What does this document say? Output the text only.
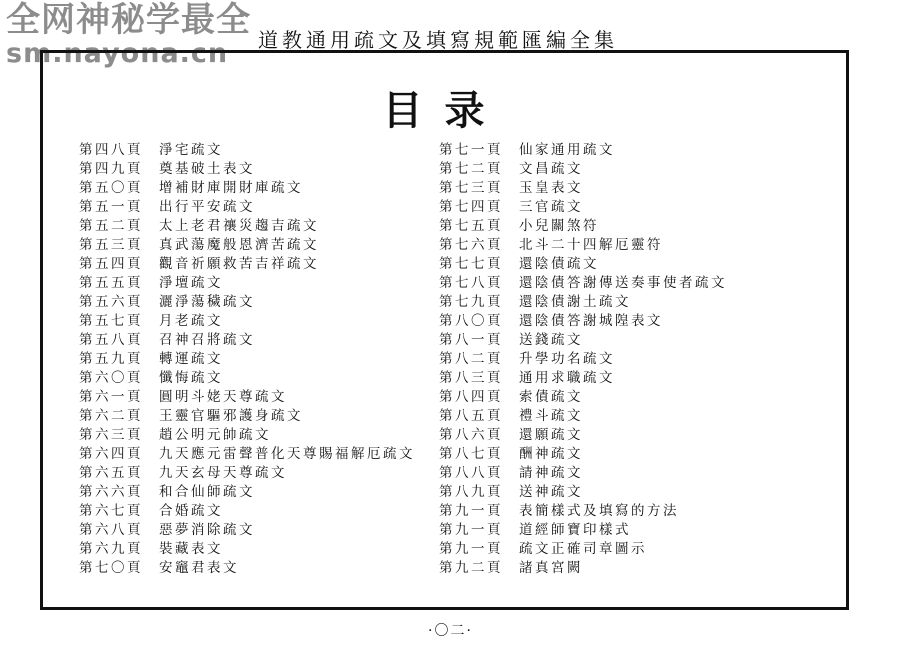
全网神秘学最全
sm.nayona.cn	道教通用疏文及填寫規範匯編全集
目录
第四八頁	淨宅疏文
第四九頁	奠基破土表文
第五〇頁	增補財庫開財庫疏文
第五一頁	出行平安疏文
第五二頁	太上老君禳災趨吉疏文
第五三頁	真武蕩魔般恩濟苦疏文
第五四頁	觀音祈願救苦吉祥疏文
第五五頁	淨壇疏文
第五六頁	灑淨蕩穢疏文
第五七頁	月老疏文
第五八頁	召神召將疏文
第五九頁	轉運疏文
第六〇頁	懺悔疏文
第六一頁	圓明斗姥天尊疏文
第六二頁	王靈官驅邪護身疏文
第六三頁	趙公明元帥疏文
第六四頁	九天應元雷聲普化天尊賜福解厄疏文
第六五頁	九天玄母天尊疏文
第六六頁	和合仙師疏文
第六七頁	合婚疏文
第六八頁	惡夢消除疏文
第六九頁	裝藏表文
第七〇頁	安竈君表文
第七一頁	仙家通用疏文
第七二頁	文昌疏文
第七三頁	玉皇表文
第七四頁	三官疏文
第七五頁	小兒關煞符
第七六頁	北斗二十四解厄靈符
第七七頁	還陰債疏文
第七八頁	還陰債答謝傳送奏事使者疏文
第七九頁	還陰債謝土疏文
第八〇頁	還陰債答謝城隍表文
第八一頁	送錢疏文
第八二頁	升學功名疏文
第八三頁	通用求職疏文
第八四頁	索債疏文
第八五頁	禮斗疏文
第八六頁	還願疏文
第八七頁	酬神疏文
第八八頁	請神疏文
第八九頁	送神疏文
第九一頁	表簡樣式及填寫的方法
第九一頁	道經師寶印樣式
第九一頁	疏文正確司章圖示
第九二頁	諸真宮闕
·〇二·
